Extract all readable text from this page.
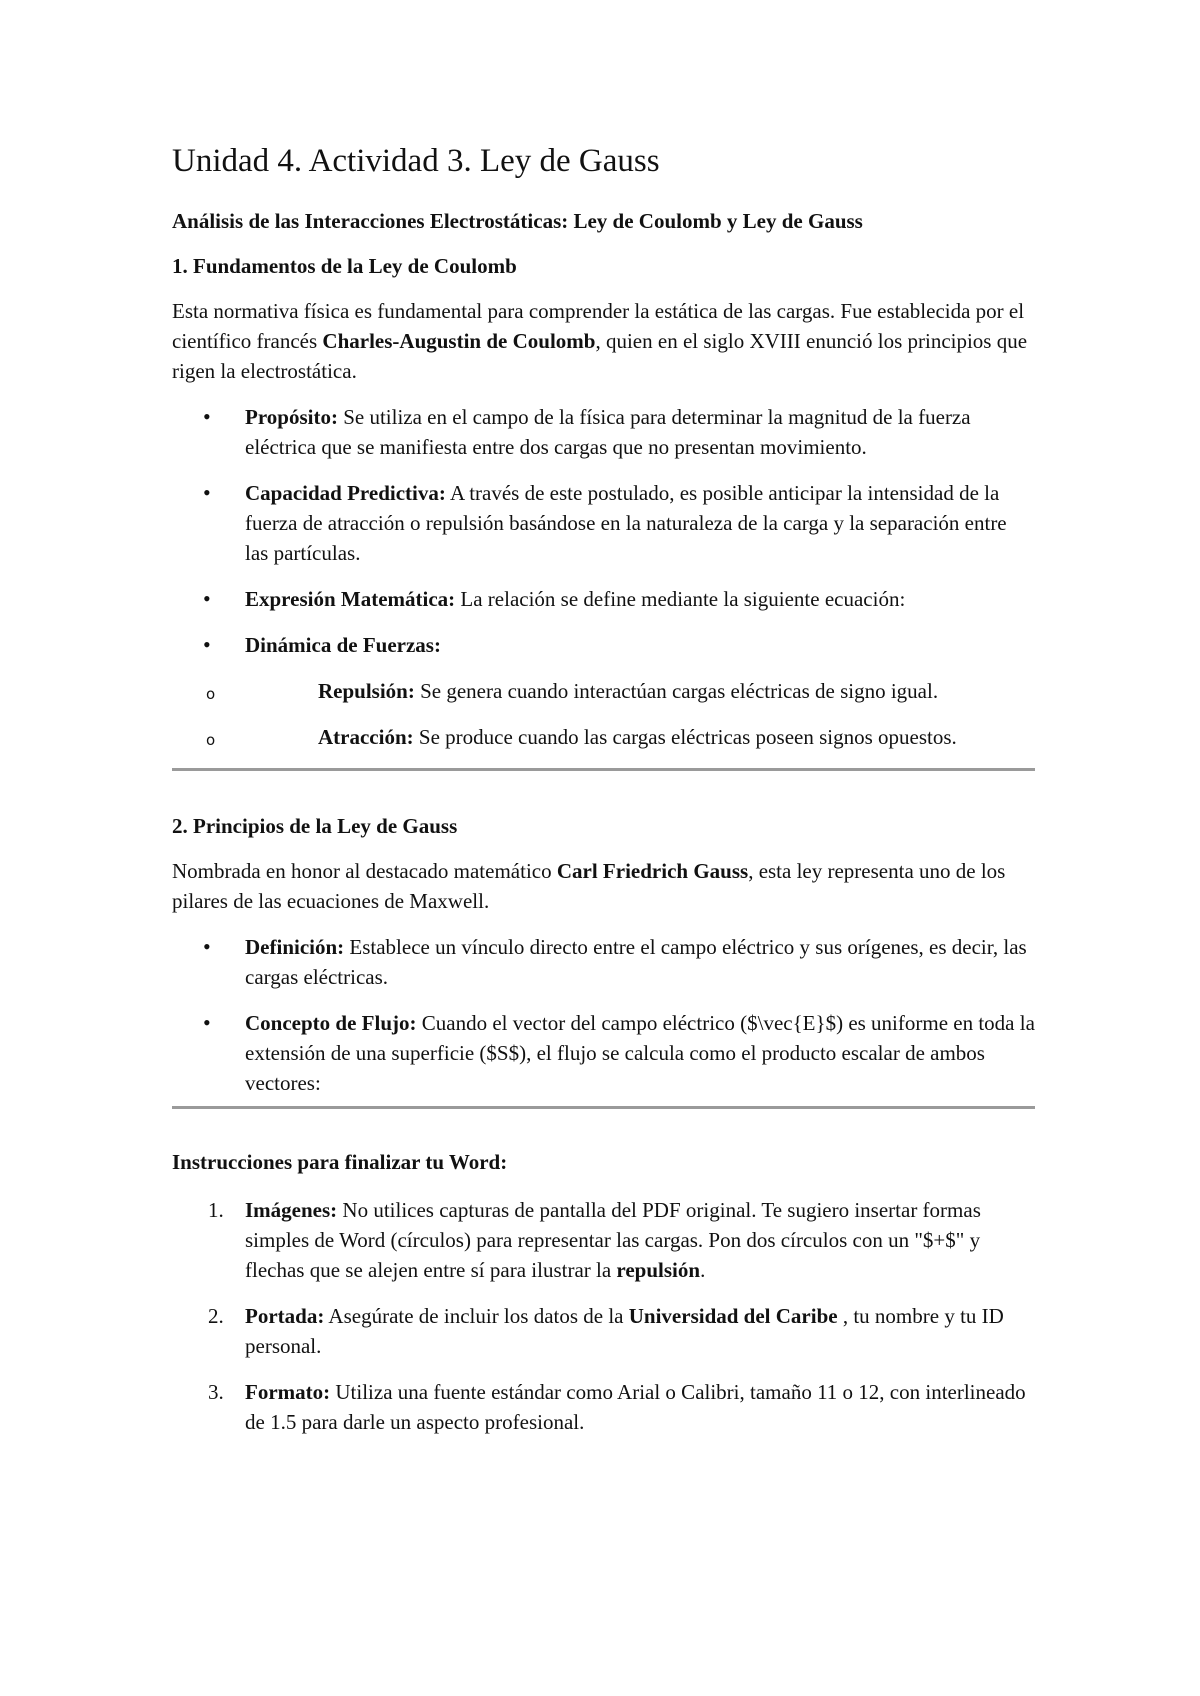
Unidad 4. Actividad 3. Ley de Gauss
Análisis de las Interacciones Electrostáticas: Ley de Coulomb y Ley de Gauss
1. Fundamentos de la Ley de Coulomb

Esta normativa física es fundamental para comprender la estática de las cargas. Fue establecida por el científico francés Charles-Augustin de Coulomb, quien en el siglo XVIII enunció los principios que rigen la electrostática.

• Propósito: Se utiliza en el campo de la física para determinar la magnitud de la fuerza eléctrica que se manifiesta entre dos cargas que no presentan movimiento.
• Capacidad Predictiva: A través de este postulado, es posible anticipar la intensidad de la fuerza de atracción o repulsión basándose en la naturaleza de la carga y la separación entre las partículas.
• Expresión Matemática: La relación se define mediante la siguiente ecuación:
• Dinámica de Fuerzas:
o Repulsión: Se genera cuando interactúan cargas eléctricas de signo igual.
o Atracción: Se produce cuando las cargas eléctricas poseen signos opuestos.
2. Principios de la Ley de Gauss

Nombrada en honor al destacado matemático Carl Friedrich Gauss, esta ley representa uno de los pilares de las ecuaciones de Maxwell.

• Definición: Establece un vínculo directo entre el campo eléctrico y sus orígenes, es decir, las cargas eléctricas.
• Concepto de Flujo: Cuando el vector del campo eléctrico ($\vec{E}$) es uniforme en toda la extensión de una superficie ($S$), el flujo se calcula como el producto escalar de ambos vectores:
Instrucciones para finalizar tu Word:
1. Imágenes: No utilices capturas de pantalla del PDF original. Te sugiero insertar formas simples de Word (círculos) para representar las cargas. Pon dos círculos con un "$+$" y flechas que se alejen entre sí para ilustrar la repulsión.
2. Portada: Asegúrate de incluir los datos de la Universidad del Caribe , tu nombre y tu ID personal.
3. Formato: Utiliza una fuente estándar como Arial o Calibri, tamaño 11 o 12, con interlineado de 1.5 para darle un aspecto profesional.
